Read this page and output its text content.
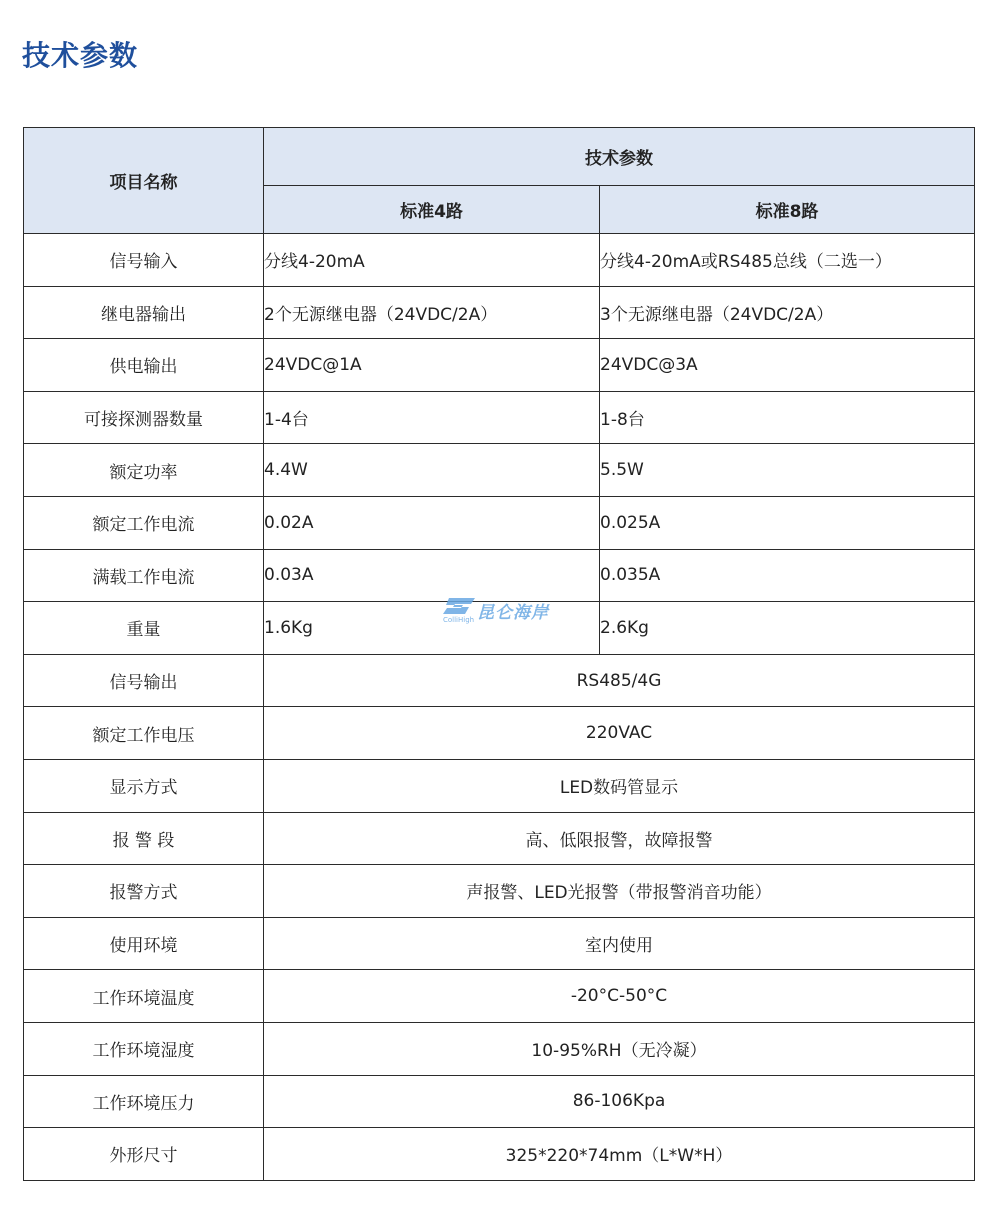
技术参数
项目名称	技术参数	
	标准4路	标准8路
信号输入	分线4-20mA	分线4-20mA或RS485总线（二选一）
继电器输出	2个无源继电器（24VDC/2A）	3个无源继电器（24VDC/2A）
供电输出	24VDC@1A	24VDC@3A
可接探测器数量	1-4台	1-8台
额定功率	4.4W	5.5W
额定工作电流	0.02A	0.025A
满载工作电流	0.03A	0.035A
重量	1.6Kg	2.6Kg
信号输出	RS485/4G	
额定工作电压	220VAC	
显示方式	LED数码管显示	
报 警 段	高、低限报警，故障报警	
报警方式	声报警、LED光报警（带报警消音功能）	
使用环境	室内使用	
工作环境温度	-20°C-50°C	
工作环境湿度	10-95%RH（无冷凝）	
工作环境压力	86-106Kpa	
外形尺寸	325*220*74mm（L*W*H）	
昆仑海岸
ColliHigh
